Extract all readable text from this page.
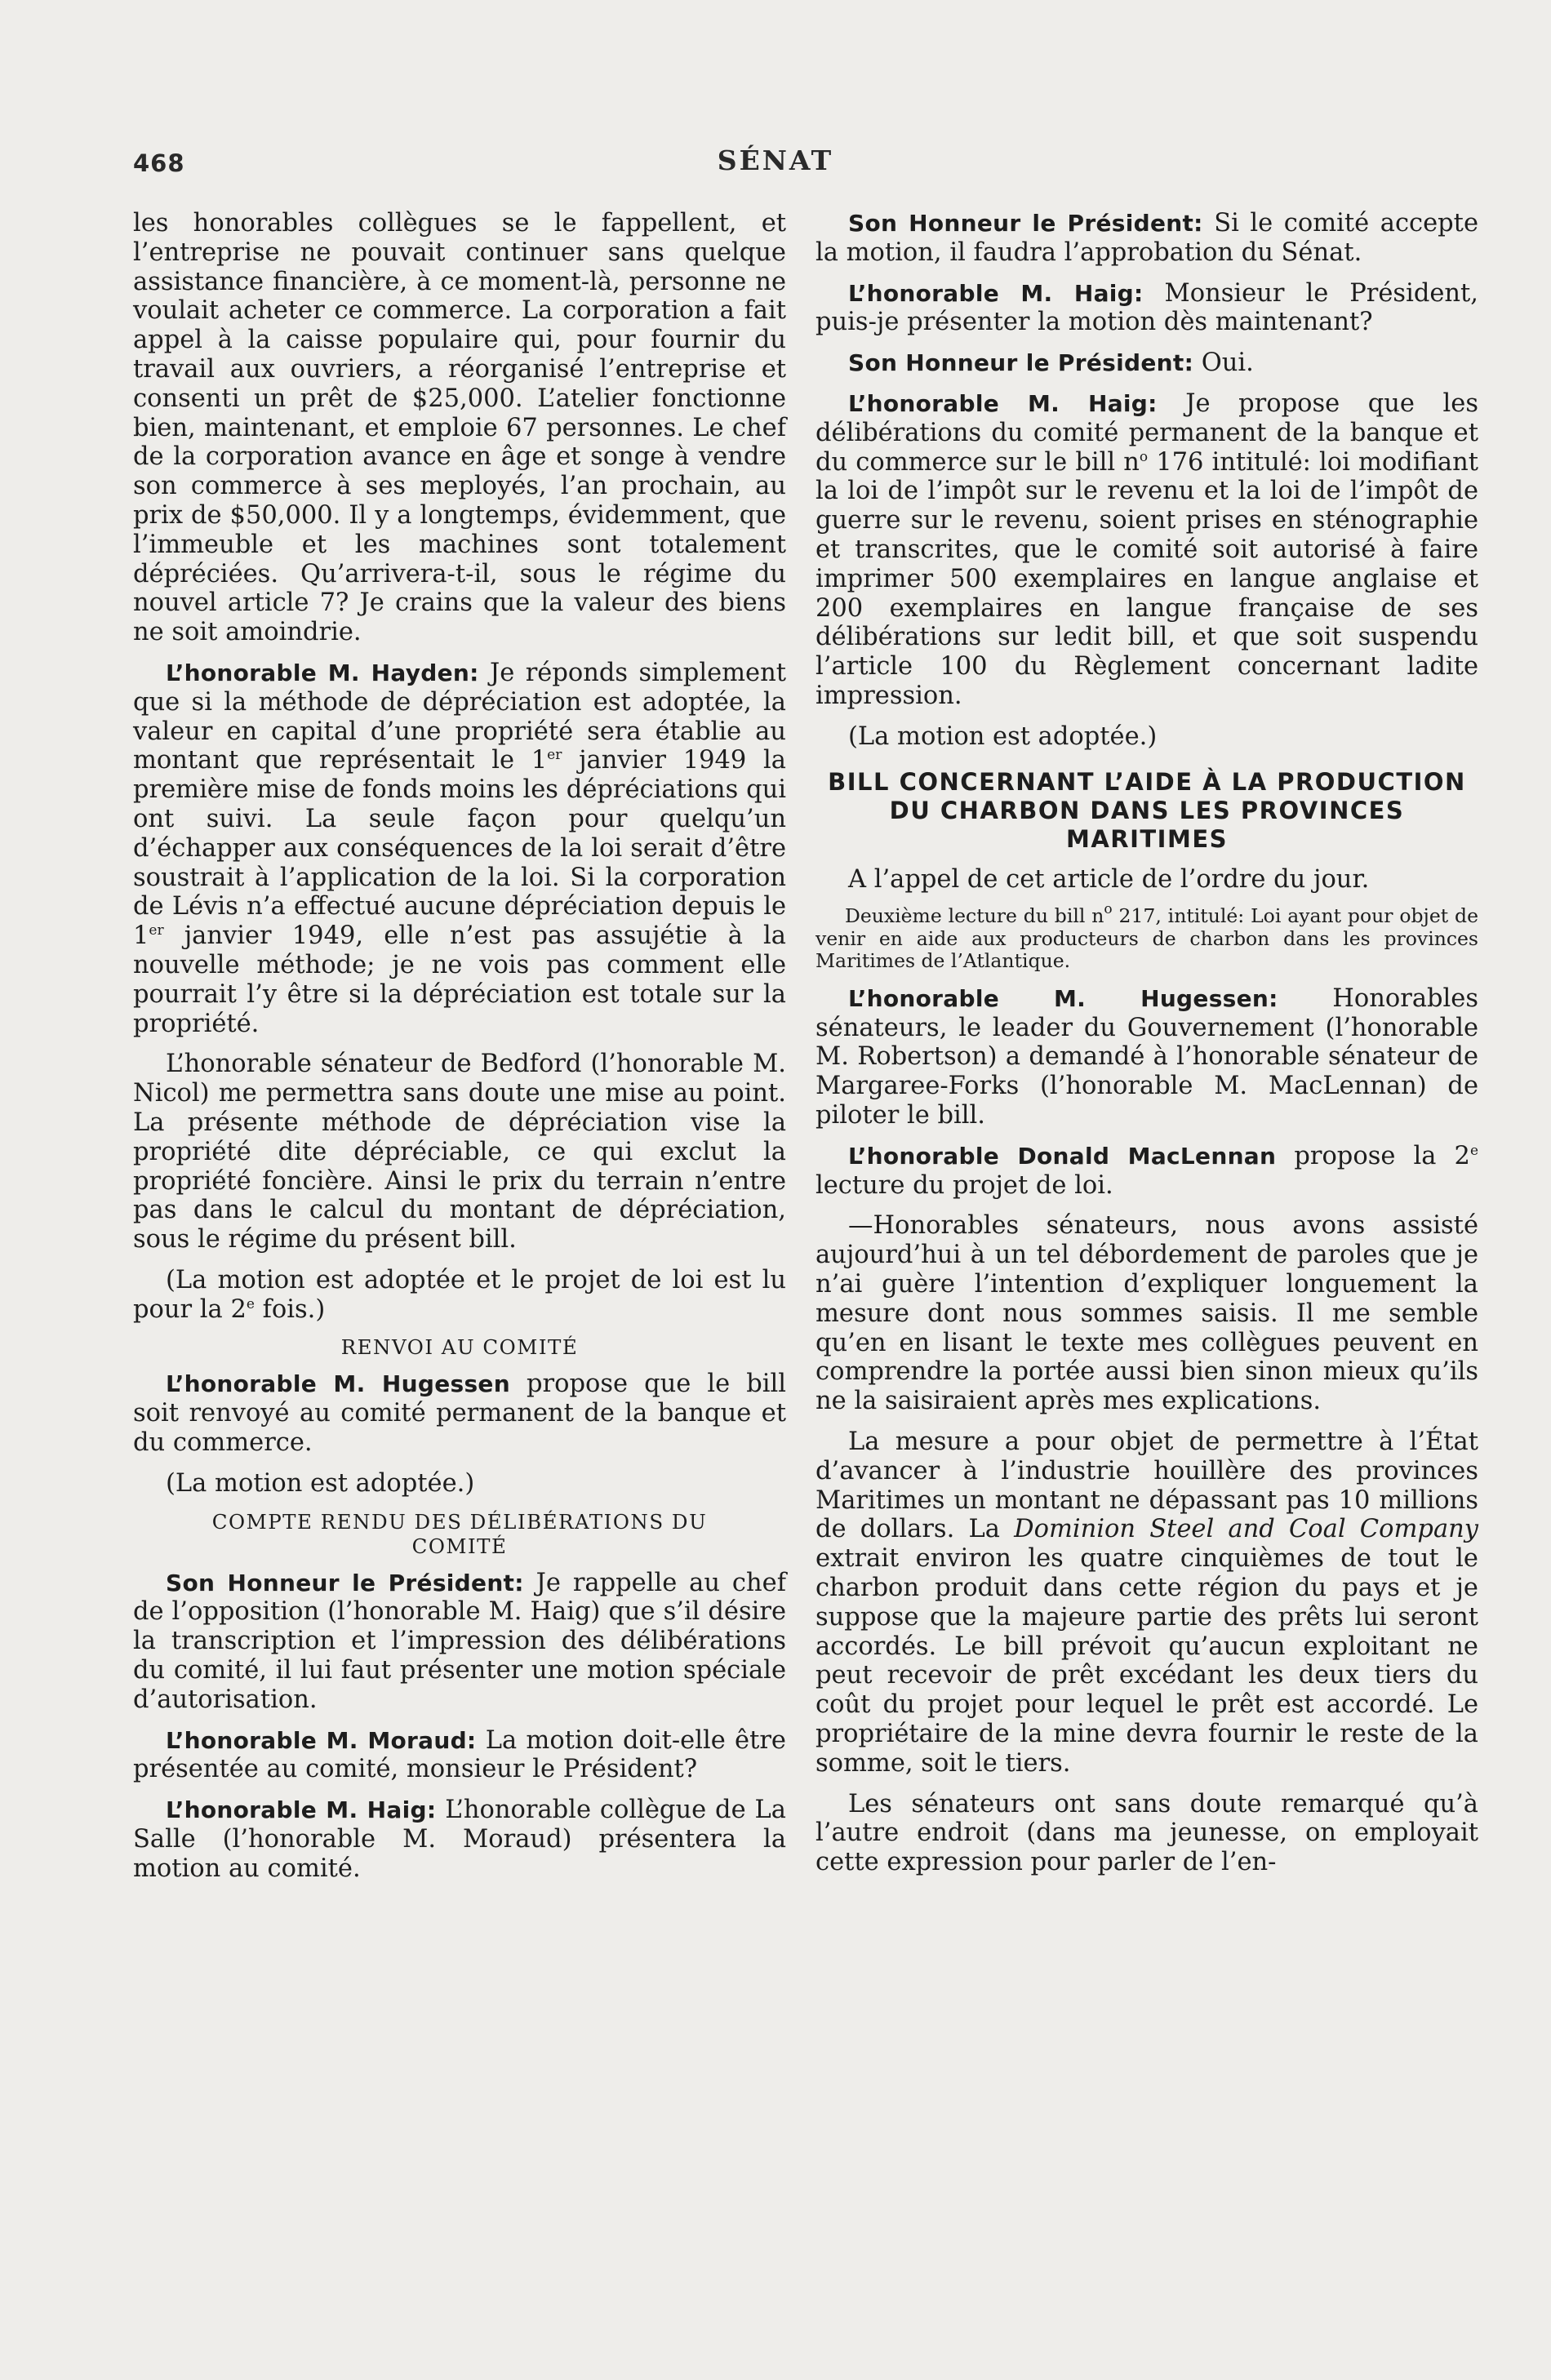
468	SÉNAT

les honorables collègues se le fappellent, et l’entreprise ne pouvait continuer sans quelque assistance financière, à ce moment-là, personne ne voulait acheter ce commerce. La corporation a fait appel à la caisse populaire qui, pour fournir du travail aux ouvriers, a réorganisé l’entreprise et consenti un prêt de $25,000. L’atelier fonctionne bien, maintenant, et emploie 67 personnes. Le chef de la corporation avance en âge et songe à vendre son commerce à ses meployés, l’an prochain, au prix de $50,000. Il y a longtemps, évidemment, que l’immeuble et les machines sont totalement dépréciées. Qu’arrivera-t-il, sous le régime du nouvel article 7? Je crains que la valeur des biens ne soit amoindrie.

L’honorable M. Hayden: Je réponds simplement que si la méthode de dépréciation est adoptée, la valeur en capital d’une propriété sera établie au montant que représentait le 1er janvier 1949 la première mise de fonds moins les dépréciations qui ont suivi. La seule façon pour quelqu’un d’échapper aux conséquences de la loi serait d’être soustrait à l’application de la loi. Si la corporation de Lévis n’a effectué aucune dépréciation depuis le 1er janvier 1949, elle n’est pas assujétie à la nouvelle méthode; je ne vois pas comment elle pourrait l’y être si la dépréciation est totale sur la propriété.

L’honorable sénateur de Bedford (l’honorable M. Nicol) me permettra sans doute une mise au point. La présente méthode de dépréciation vise la propriété dite dépréciable, ce qui exclut la propriété foncière. Ainsi le prix du terrain n’entre pas dans le calcul du montant de dépréciation, sous le régime du présent bill.

(La motion est adoptée et le projet de loi est lu pour la 2e fois.)

RENVOI AU COMITÉ

L’honorable M. Hugessen propose que le bill soit renvoyé au comité permanent de la banque et du commerce.

(La motion est adoptée.)

COMPTE RENDU DES DÉLIBÉRATIONS DU COMITÉ

Son Honneur le Président: Je rappelle au chef de l’opposition (l’honorable M. Haig) que s’il désire la transcription et l’impression des délibérations du comité, il lui faut présenter une motion spéciale d’autorisation.

L’honorable M. Moraud: La motion doit-elle être présentée au comité, monsieur le Président?

L’honorable M. Haig: L’honorable collègue de La Salle (l’honorable M. Moraud) présentera la motion au comité.

Son Honneur le Président: Si le comité accepte la motion, il faudra l’approbation du Sénat.

L’honorable M. Haig: Monsieur le Président, puis-je présenter la motion dès maintenant?

Son Honneur le Président: Oui.

L’honorable M. Haig: Je propose que les délibérations du comité permanent de la banque et du commerce sur le bill $n^o$ 176 intitulé: loi modifiant la loi de l’impôt sur le revenu et la loi de l’impôt de guerre sur le revenu, soient prises en sténographie et transcrites, que le comité soit autorisé à faire imprimer 500 exemplaires en langue anglaise et 200 exemplaires en langue française de ses délibérations sur ledit bill, et que soit suspendu l’article 100 du Règlement concernant ladite impression.

(La motion est adoptée.)

BILL CONCERNANT L’AIDE À LA PRODUCTION DU CHARBON DANS LES PROVINCES MARITIMES

A l’appel de cet article de l’ordre du jour.

Deuxième lecture du bill $n^o$ 217, intitulé: Loi ayant pour objet de venir en aide aux producteurs de charbon dans les provinces Maritimes de l’Atlantique.

L’honorable M. Hugessen: Honorables sénateurs, le leader du Gouvernement (l’honorable M. Robertson) a demandé à l’honorable sénateur de Margaree-Forks (l’honorable M. MacLennan) de piloter le bill.

L’honorable Donald MacLennan propose la 2e lecture du projet de loi.

—Honorables sénateurs, nous avons assisté aujourd’hui à un tel débordement de paroles que je n’ai guère l’intention d’expliquer longuement la mesure dont nous sommes saisis. Il me semble qu’en en lisant le texte mes collègues peuvent en comprendre la portée aussi bien sinon mieux qu’ils ne la saisiraient après mes explications.

La mesure a pour objet de permettre à l’État d’avancer à l’industrie houillère des provinces Maritimes un montant ne dépassant pas 10 millions de dollars. La Dominion Steel and Coal Company extrait environ les quatre cinquièmes de tout le charbon produit dans cette région du pays et je suppose que la majeure partie des prêts lui seront accordés. Le bill prévoit qu’aucun exploitant ne peut recevoir de prêt excédant les deux tiers du coût du projet pour lequel le prêt est accordé. Le propriétaire de la mine devra fournir le reste de la somme, soit le tiers.

Les sénateurs ont sans doute remarqué qu’à l’autre endroit (dans ma jeunesse, on employait cette expression pour parler de l’en-
